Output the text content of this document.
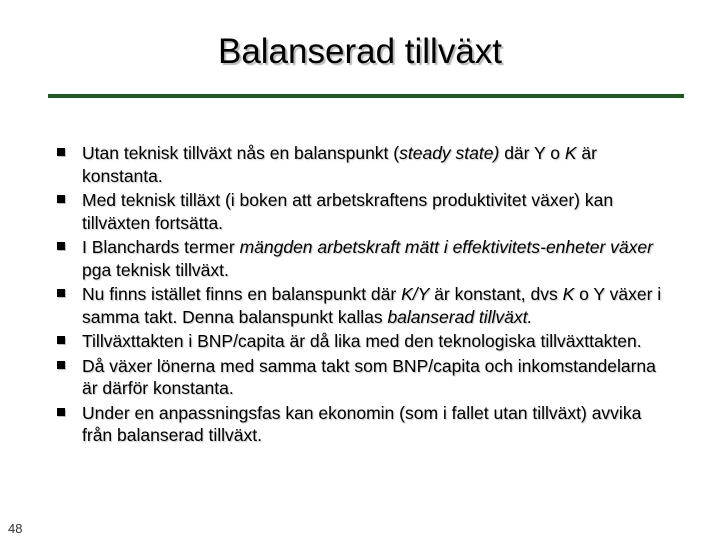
Balanserad tillväxt
Utan teknisk tillväxt nås en balanspunkt (steady state) där Y o K är konstanta.
Med teknisk tilläxt (i boken att arbetskraftens produktivitet växer) kan tillväxten fortsätta.
I Blanchards termer mängden arbetskraft mätt i effektivitets-enheter växer pga teknisk tillväxt.
Nu finns istället finns en balanspunkt där K/Y är konstant, dvs K o Y växer i samma takt. Denna balanspunkt kallas balanserad tillväxt.
Tillväxttakten i BNP/capita är då lika med den teknologiska tillväxttakten.
Då växer lönerna med samma takt som BNP/capita och inkomstandelarna är därför konstanta.
Under en anpassningsfas kan ekonomin (som i fallet utan tillväxt) avvika från balanserad tillväxt.
48
